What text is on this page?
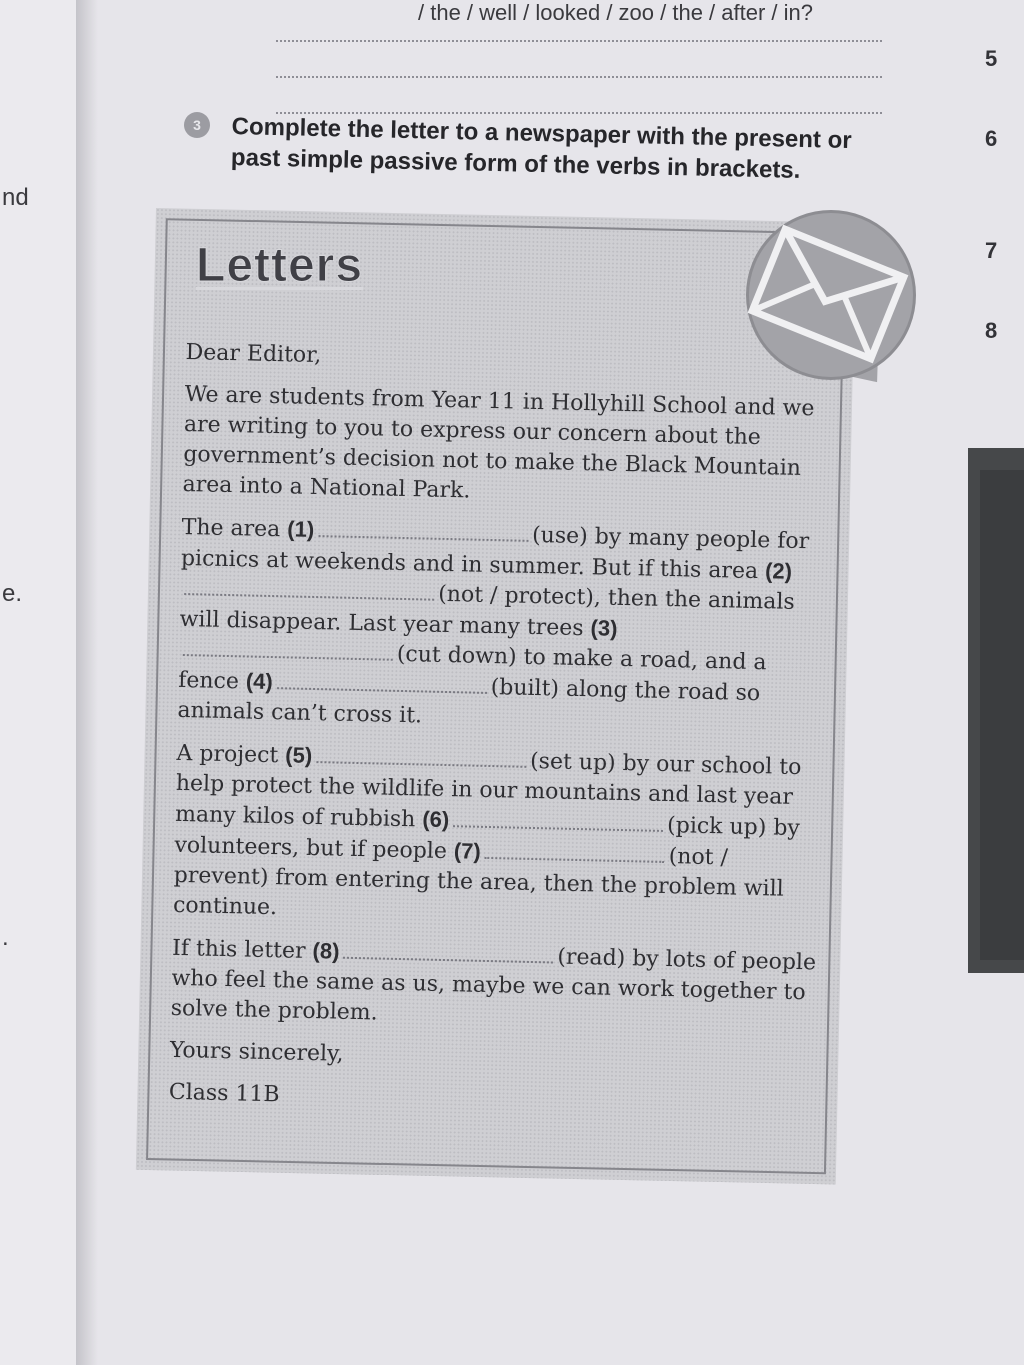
nd
e.
.
/ the / well / looked / zoo / the / after / in?
5
6
7
8
3	Complete the letter to a newspaper with the present or past simple passive form of the verbs in brackets.
Letters

Dear Editor,

We are students from Year 11 in Hollyhill School and we are writing to you to express our concern about the government’s decision not to make the Black Mountain area into a National Park.

The area (1)	(use) by many people for picnics at weekends and in summer. But if this area (2)(not / protect), then the animals will disappear. Last year many trees (3)(cut down) to make a road, and a fence (4)	(built) along the road so animals can’t cross it.

A project (5)	(set up) by our school to help protect the wildlife in our mountains and last year many kilos of rubbish (6)	(pick up) by volunteers, but if people (7)	(not / prevent) from entering the area, then the problem will continue.

If this letter (8)	(read) by lots of people who feel the same as us, maybe we can work together to solve the problem.

Yours sincerely,

Class 11B
